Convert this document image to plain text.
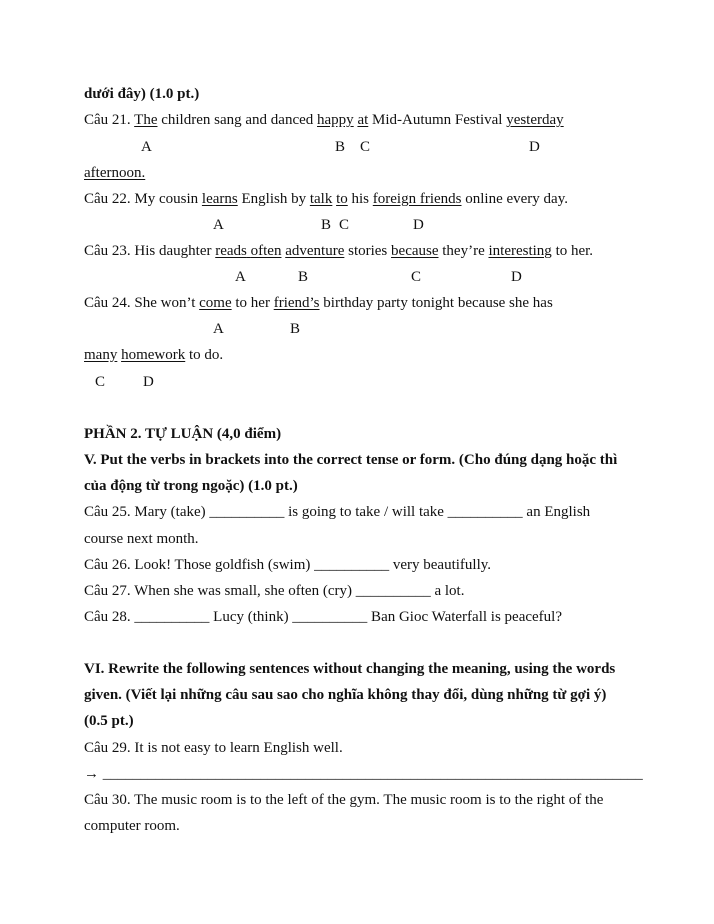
dưới đây) (1.0 pt.)
Câu 21. The children sang and danced happy at Mid-Autumn Festival yesterday
A	B C	D
afternoon.
Câu 22. My cousin learns English by talk to his foreign friends online every day.
A	B C	D
Câu 23. His daughter reads often adventure stories because they’re interesting to her.
A	B	C	D
Câu 24. She won’t come to her friend’s birthday party tonight because she has
A	B
many homework to do.
C	D
PHẦN 2. TỰ LUẬN (4,0 điểm)
V. Put the verbs in brackets into the correct tense or form. (Cho đúng dạng hoặc thì
của động từ trong ngoặc) (1.0 pt.)
Câu 25. Mary (take) __________ is going to take / will take __________ an English
course next month.
Câu 26. Look! Those goldfish (swim) __________ very beautifully.
Câu 27. When she was small, she often (cry) __________ a lot.
Câu 28. __________ Lucy (think) __________ Ban Gioc Waterfall is peaceful?
VI. Rewrite the following sentences without changing the meaning, using the words
given. (Viết lại những câu sau sao cho nghĩa không thay đổi, dùng những từ gợi ý)
(0.5 pt.)
Câu 29. It is not easy to learn English well.
→ ________________________________________________________________________
Câu 30. The music room is to the left of the gym. The music room is to the right of the
computer room.
